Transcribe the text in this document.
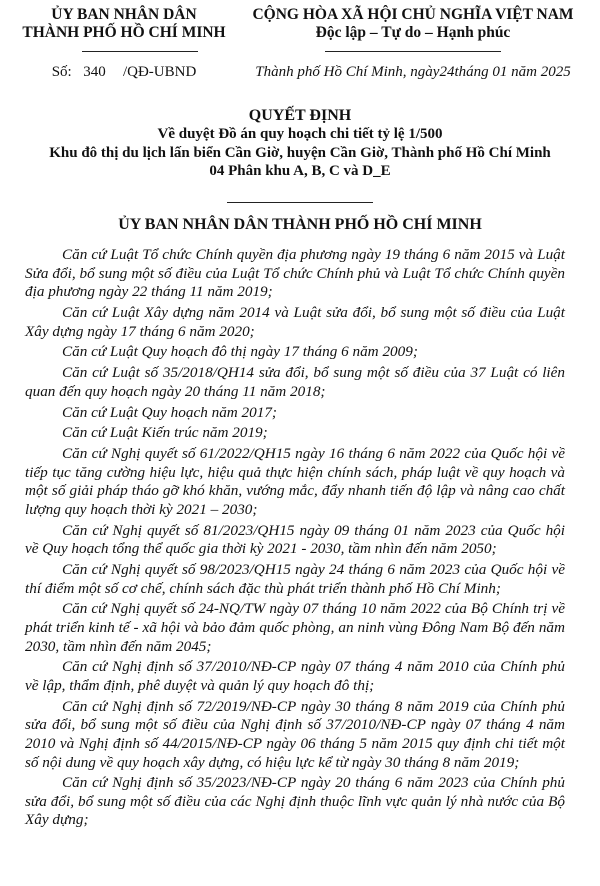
ỦY BAN NHÂN DÂN
THÀNH PHỐ HỒ CHÍ MINH
CỘNG HÒA XÃ HỘI CHỦ NGHĨA VIỆT NAM
Độc lập – Tự do – Hạnh phúc
Số:  340   /QĐ-UBND	Thành phố Hồ Chí Minh, ngày24tháng 01 năm 2025
QUYẾT ĐỊNH
Về duyệt Đồ án quy hoạch chi tiết tỷ lệ 1/500
Khu đô thị du lịch lấn biển Cần Giờ, huyện Cần Giờ, Thành phố Hồ Chí Minh
04 Phân khu A, B, C và D_E
ỦY BAN NHÂN DÂN THÀNH PHỐ HỒ CHÍ MINH

Căn cứ Luật Tổ chức Chính quyền địa phương ngày 19 tháng 6 năm 2015 và Luật Sửa đổi, bổ sung một số điều của Luật Tổ chức Chính phủ và Luật Tổ chức Chính quyền địa phương ngày 22 tháng 11 năm 2019;

Căn cứ Luật Xây dựng năm 2014 và Luật sửa đổi, bổ sung một số điều của Luật Xây dựng ngày 17 tháng 6 năm 2020;

Căn cứ Luật Quy hoạch đô thị ngày 17 tháng 6 năm 2009;

Căn cứ Luật số 35/2018/QH14 sửa đổi, bổ sung một số điều của 37 Luật có liên quan đến quy hoạch ngày 20 tháng 11 năm 2018;

Căn cứ Luật Quy hoạch năm 2017;

Căn cứ Luật Kiến trúc năm 2019;

Căn cứ Nghị quyết số 61/2022/QH15 ngày 16 tháng 6 năm 2022 của Quốc hội về tiếp tục tăng cường hiệu lực, hiệu quả thực hiện chính sách, pháp luật về quy hoạch và một số giải pháp tháo gỡ khó khăn, vướng mắc, đẩy nhanh tiến độ lập và nâng cao chất lượng quy hoạch thời kỳ 2021 – 2030;

Căn cứ Nghị quyết số 81/2023/QH15 ngày 09 tháng 01 năm 2023 của Quốc hội về Quy hoạch tổng thể quốc gia thời kỳ 2021 - 2030, tầm nhìn đến năm 2050;

Căn cứ Nghị quyết số 98/2023/QH15 ngày 24 tháng 6 năm 2023 của Quốc hội về thí điểm một số cơ chế, chính sách đặc thù phát triển thành phố Hồ Chí Minh;

Căn cứ Nghị quyết số 24-NQ/TW ngày 07 tháng 10 năm 2022 của Bộ Chính trị về phát triển kinh tế - xã hội và bảo đảm quốc phòng, an ninh vùng Đông Nam Bộ đến năm 2030, tầm nhìn đến năm 2045;

Căn cứ Nghị định số 37/2010/NĐ-CP ngày 07 tháng 4 năm 2010 của Chính phủ về lập, thẩm định, phê duyệt và quản lý quy hoạch đô thị;

Căn cứ Nghị định số 72/2019/NĐ-CP ngày 30 tháng 8 năm 2019 của Chính phủ sửa đổi, bổ sung một số điều của Nghị định số 37/2010/NĐ-CP ngày 07 tháng 4 năm 2010 và Nghị định số 44/2015/NĐ-CP ngày 06 tháng 5 năm 2015 quy định chi tiết một số nội dung về quy hoạch xây dựng, có hiệu lực kể từ ngày 30 tháng 8 năm 2019;

Căn cứ Nghị định số 35/2023/NĐ-CP ngày 20 tháng 6 năm 2023 của Chính phủ sửa đổi, bổ sung một số điều của các Nghị định thuộc lĩnh vực quản lý nhà nước của Bộ Xây dựng;
